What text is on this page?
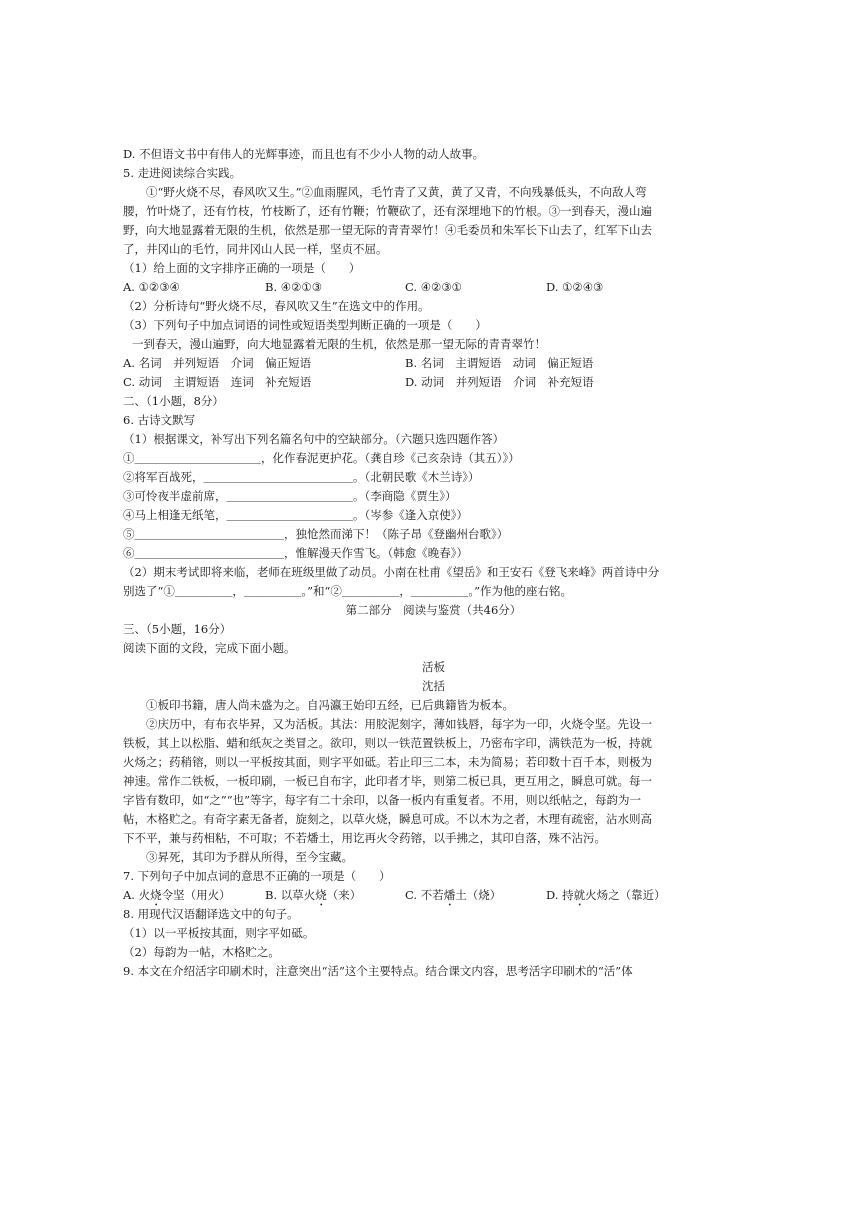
D. 不但语文书中有伟人的光辉事迹，而且也有不少小人物的动人故事。
5. 走进阅读综合实践。
①“野火烧不尽，春风吹又生。”②血雨腥风，毛竹青了又黄，黄了又青，不向残暴低头，不向敌人弯
腰，竹叶烧了，还有竹枝，竹枝断了，还有竹鞭；竹鞭砍了，还有深埋地下的竹根。③一到春天，漫山遍
野，向大地显露着无限的生机，依然是那一望无际的青青翠竹！④毛委员和朱军长下山去了，红军下山去
了，井冈山的毛竹，同井冈山人民一样，坚贞不屈。
（1）给上面的文字排序正确的一项是（　　）
A. ①②③④	B. ④②①③	C. ④②③①	D. ①②④③
（2）分析诗句“野火烧不尽，春风吹又生”在选文中的作用。
（3）下列句子中加点词语的词性或短语类型判断正确的一项是（　　）
一到春天，漫山遍野，向大地显露着无限的生机，依然是那一望无际的青青翠竹！
A. 名词　并列短语　介词　偏正短语	B. 名词　主谓短语　动词　偏正短语
C. 动词　主谓短语　连词　补充短语	D. 动词　并列短语　介词　补充短语
二、（1小题，8分）
6. 古诗文默写
（1）根据课文，补写出下列名篇名句中的空缺部分。（六题只选四题作答）
①＿＿＿＿＿＿＿＿＿＿＿，化作春泥更护花。（龚自珍《己亥杂诗（其五）》）
②将军百战死，＿＿＿＿＿＿＿＿＿＿＿＿＿。（北朝民歌《木兰诗》）
③可怜夜半虚前席，＿＿＿＿＿＿＿＿＿＿＿。（李商隐《贾生》）
④马上相逢无纸笔，＿＿＿＿＿＿＿＿＿＿＿。（岑参《逢入京使》）
⑤＿＿＿＿＿＿＿＿＿＿＿＿＿，独怆然而涕下！（陈子昂《登幽州台歌》）
⑥＿＿＿＿＿＿＿＿＿＿＿＿＿，惟解漫天作雪飞。（韩愈《晚春》）
（2）期末考试即将来临，老师在班级里做了动员。小南在杜甫《望岳》和王安石《登飞来峰》两首诗中分
别选了“①＿＿＿＿＿，＿＿＿＿＿。”和“②＿＿＿＿＿，＿＿＿＿＿。”作为他的座右铭。
第二部分　阅读与鉴赏（共46分）
三、（5小题，16分）
阅读下面的文段，完成下面小题。
活板
沈括
①板印书籍，唐人尚未盛为之。自冯瀛王始印五经，已后典籍皆为板本。
②庆历中，有布衣毕昇，又为活板。其法：用胶泥刻字，薄如钱唇，每字为一印，火烧令坚。先设一
铁板，其上以松脂、蜡和纸灰之类冒之。欲印，则以一铁范置铁板上，乃密布字印，满铁范为一板，持就
火炀之；药稍镕，则以一平板按其面，则字平如砥。若止印三二本，未为简易；若印数十百千本，则极为
神速。常作二铁板，一板印刷，一板已自布字，此印者才毕，则第二板已具，更互用之，瞬息可就。每一
字皆有数印，如“之”“也”等字，每字有二十余印，以备一板内有重复者。不用，则以纸帖之，每韵为一
帖，木格贮之。有奇字素无备者，旋刻之，以草火烧，瞬息可成。不以木为之者，木理有疏密，沾水则高
下不平，兼与药相粘，不可取；不若燔土，用讫再火令药镕，以手拂之，其印自落，殊不沾污。
③昇死，其印为予群从所得，至今宝藏。
7. 下列句子中加点词的意思不正确的一项是（　　）
A. 火烧令坚（用火）	B. 以草火烧（来）	C. 不若燔土（烧）	D. 持就火炀之（靠近）
8. 用现代汉语翻译选文中的句子。
（1）以一平板按其面，则字平如砥。
（2）每韵为一帖，木格贮之。
9. 本文在介绍活字印刷术时，注意突出“活”这个主要特点。结合课文内容，思考活字印刷术的“活”体
